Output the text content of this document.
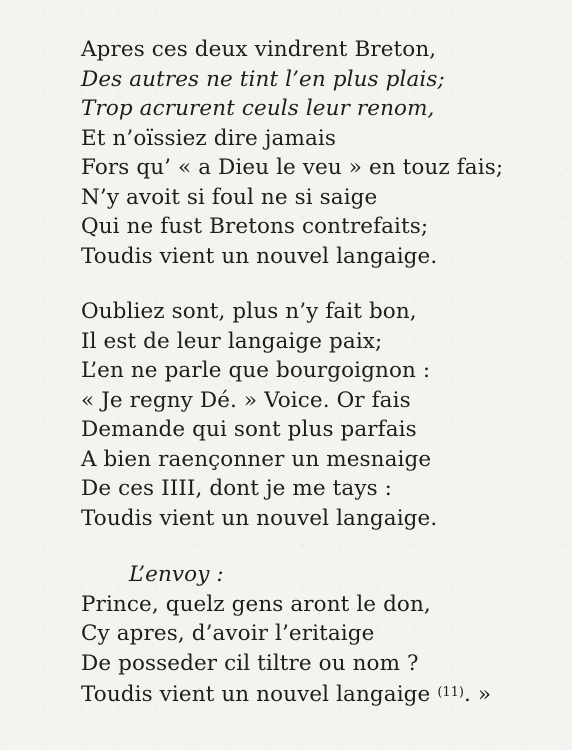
Apres ces deux vindrent Breton,
Des autres ne tint l’en plus plais;
Trop acrurent ceuls leur renom,
Et n’oïssiez dire jamais
Fors qu’ « a Dieu le veu » en touz fais;
N’y avoit si foul ne si saige
Qui ne fust Bretons contrefaits;
Toudis vient un nouvel langaige.
Oubliez sont, plus n’y fait bon,
Il est de leur langaige paix;
L’en ne parle que bourgoignon :
« Je regny Dé. » Voice. Or fais
Demande qui sont plus parfais
A bien raençonner un mesnaige
De ces IIII, dont je me tays :
Toudis vient un nouvel langaige.
L’envoy :
Prince, quelz gens aront le don,
Cy apres, d’avoir l’eritaige
De posseder cil tiltre ou nom ?
Toudis vient un nouvel langaige $^{(11)}$. »
